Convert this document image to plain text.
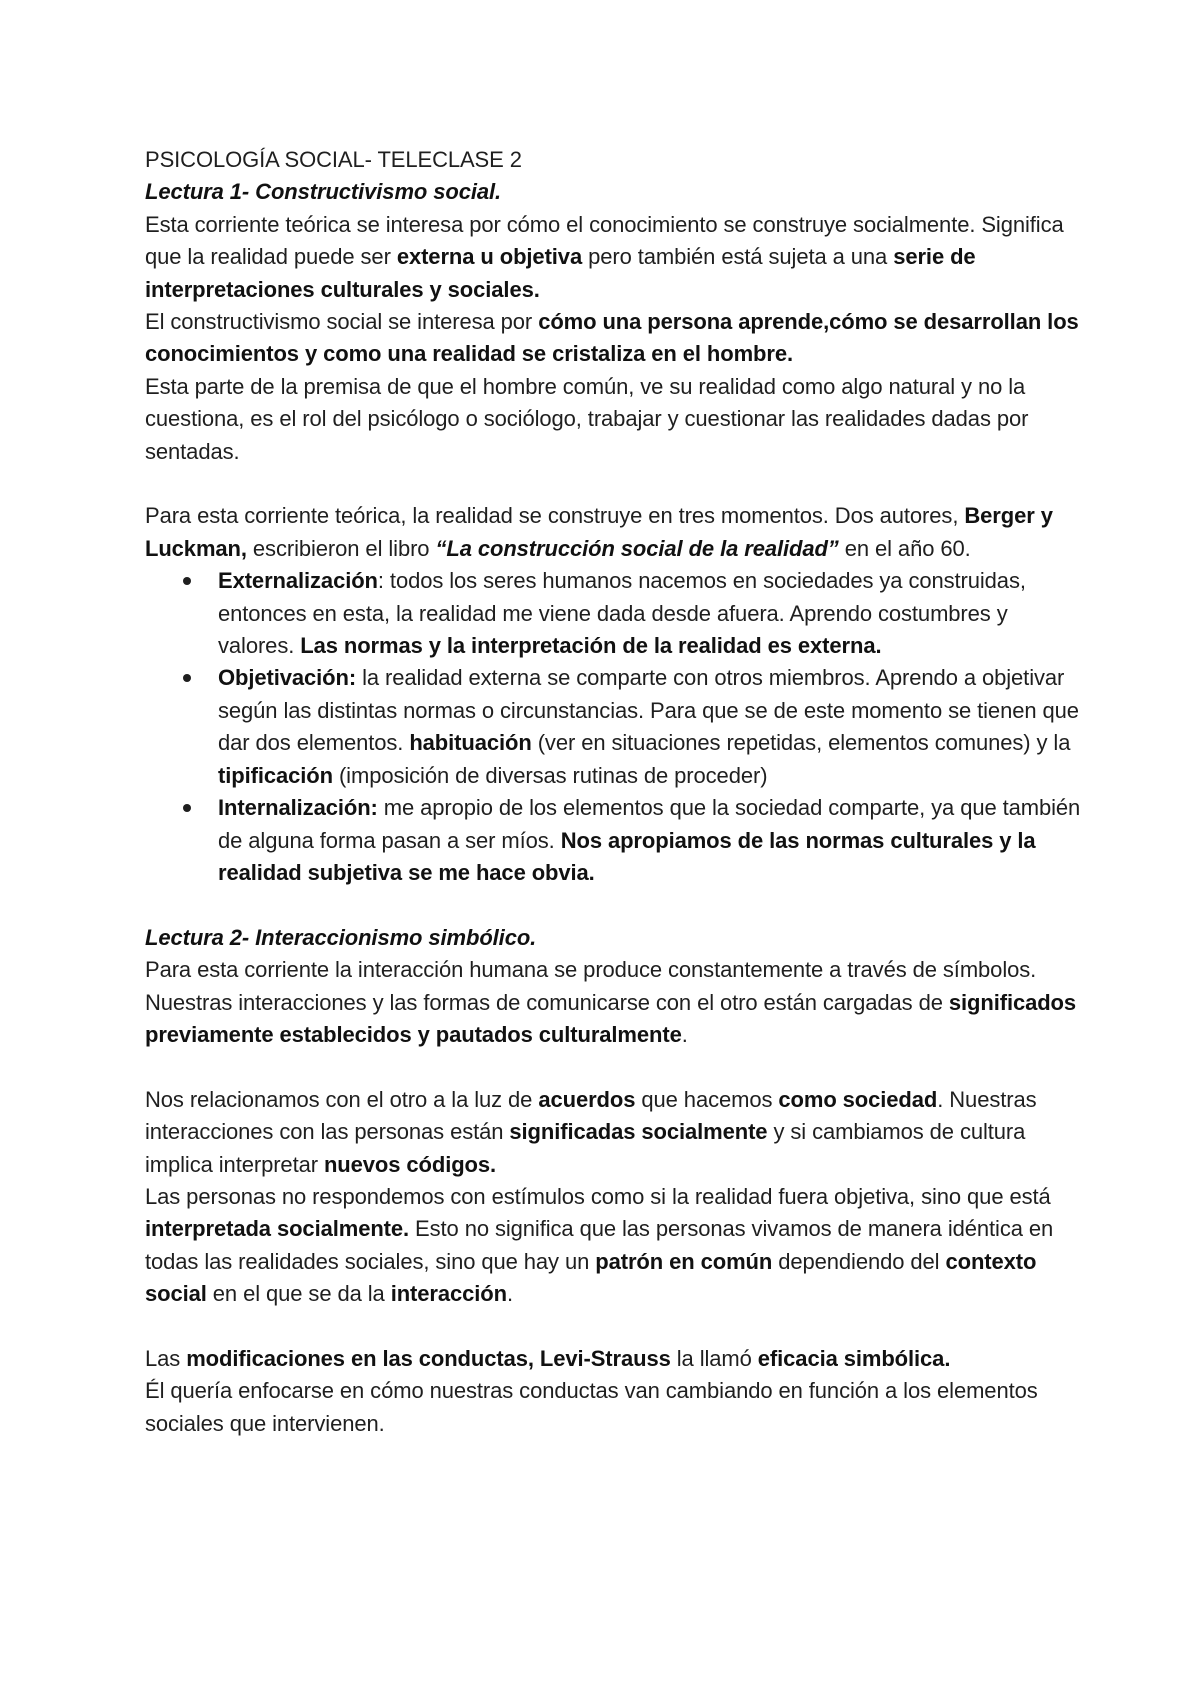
PSICOLOGÍA SOCIAL- TELECLASE 2

Lectura 1- Constructivismo social.

Esta corriente teórica se interesa por cómo el conocimiento se construye socialmente. Significa que la realidad puede ser externa u objetiva pero también está sujeta a una serie de interpretaciones culturales y sociales.

El constructivismo social se interesa por cómo una persona aprende,cómo se desarrollan los conocimientos y como una realidad se cristaliza en el hombre.

Esta parte de la premisa de que el hombre común, ve su realidad como algo natural y no la cuestiona, es el rol del psicólogo o sociólogo, trabajar y cuestionar las realidades dadas por sentadas.

Para esta corriente teórica, la realidad se construye en tres momentos. Dos autores, Berger y Luckman, escribieron el libro “La construcción social de la realidad” en el año 60.

Externalización: todos los seres humanos nacemos en sociedades ya construidas, entonces en esta, la realidad me viene dada desde afuera. Aprendo costumbres y valores. Las normas y la interpretación de la realidad es externa.
Objetivación: la realidad externa se comparte con otros miembros. Aprendo a objetivar según las distintas normas o circunstancias. Para que se de este momento se tienen que dar dos elementos. habituación (ver en situaciones repetidas, elementos comunes) y la tipificación (imposición de diversas rutinas de proceder)
Internalización: me apropio de los elementos que la sociedad comparte, ya que también de alguna forma pasan a ser míos. Nos apropiamos de las normas culturales y la realidad subjetiva se me hace obvia.

Lectura 2- Interaccionismo simbólico.

Para esta corriente la interacción humana se produce constantemente a través de símbolos. Nuestras interacciones y las formas de comunicarse con el otro están cargadas de significados previamente establecidos y pautados culturalmente.

Nos relacionamos con el otro a la luz de acuerdos que hacemos como sociedad. Nuestras interacciones con las personas están significadas socialmente y si cambiamos de cultura implica interpretar nuevos códigos.

Las personas no respondemos con estímulos como si la realidad fuera objetiva, sino que está interpretada socialmente. Esto no significa que las personas vivamos de manera idéntica en todas las realidades sociales, sino que hay un patrón en común dependiendo del contexto social en el que se da la interacción.

Las modificaciones en las conductas, Levi-Strauss la llamó eficacia simbólica.

Él quería enfocarse en cómo nuestras conductas van cambiando en función a los elementos sociales que intervienen.
